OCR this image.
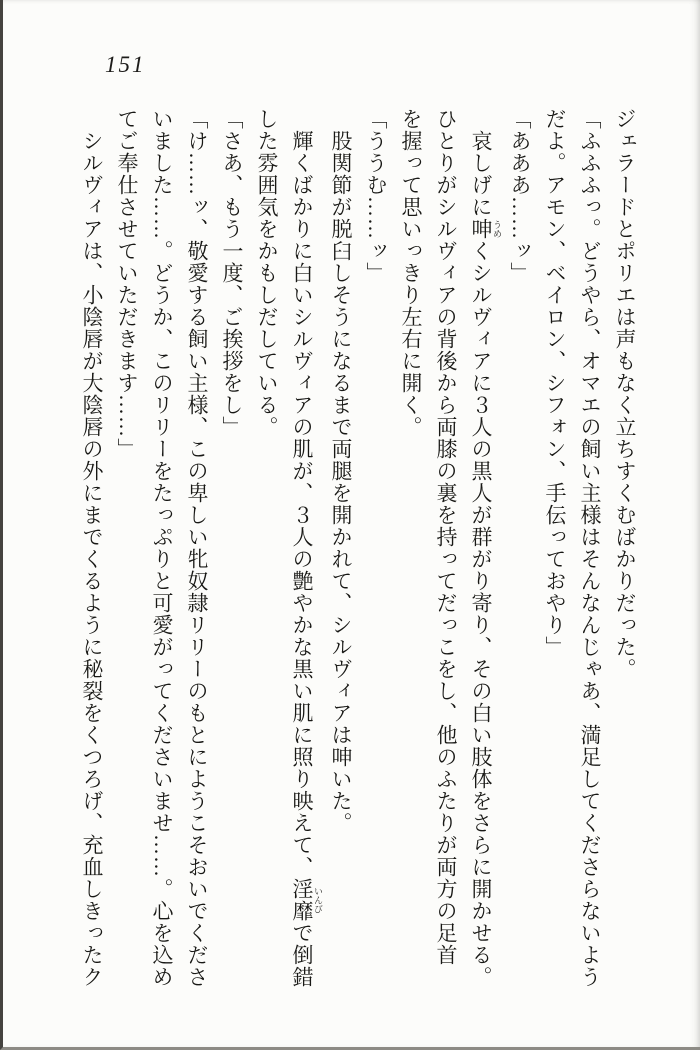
151
ジェラードとポリエは声もなく立ちすくむばかりだった。
「ふふふっ。どうやら、オマエの飼い主様はそんなんじゃあ、満足してくださらないよう
だよ。アモン、ベイロン、シフォン、手伝っておやり」
「あああ……ッ」
哀しげに呻 うめくシルヴィアに３人の黒人が群がり寄り、その白い肢体をさらに開かせる。
ひとりがシルヴィアの背後から両膝の裏を持ってだっこをし、他のふたりが両方の足首
を握って思いっきり左右に開く。
「ううむ……ッ」
股関節が脱臼しそうになるまで両腿を開かれて、シルヴィアは呻いた。
輝くばかりに白いシルヴィアの肌が、３人の艶やかな黒い肌に照り映えて、淫靡 いんびで倒錯
した雰囲気をかもしだしている。
「さあ、もう一度、ご挨拶をし」
「け……ッ、敬愛する飼い主様、この卑しい牝奴隷リリーのもとにようこそおいでくださ
いました……。どうか、このリリーをたっぷりと可愛がってくださいませ……。心を込め
てご奉仕させていただきます……」
シルヴィアは、小陰唇が大陰唇の外にまでくるように秘裂をくつろげ、充血しきったク
